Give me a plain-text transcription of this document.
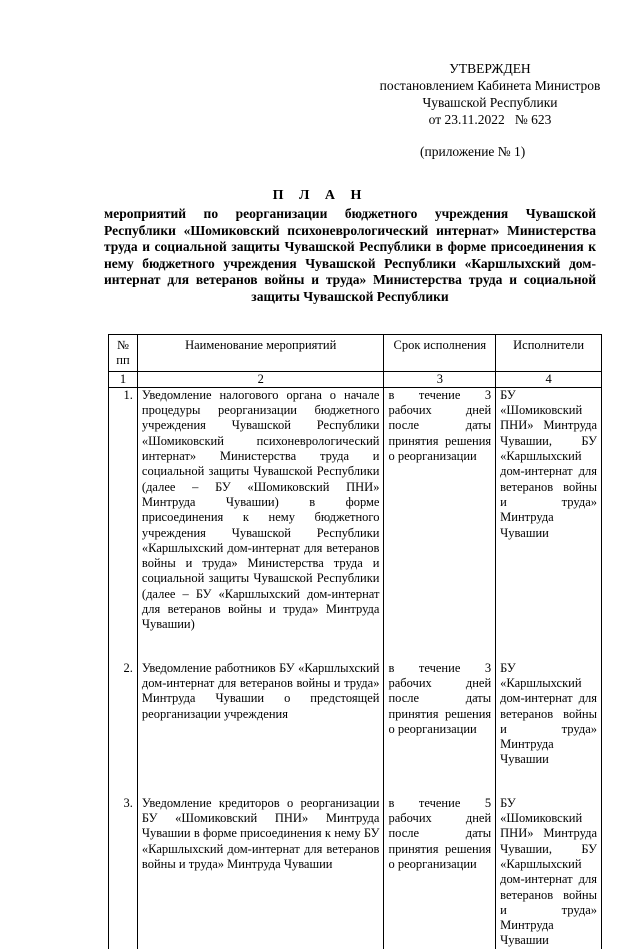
УТВЕРЖДЕН
постановлением Кабинета Министров
Чувашской Республики
от 23.11.2022   № 623
(приложение № 1)
П Л А Н
мероприятий по реорганизации бюджетного учреждения Чувашской Республики «Шомиковский психоневрологический интернат» Министерства труда и социальной защиты Чувашской Республики в форме присоединения к нему бюджетного учреждения Чувашской Республики «Каршлыхский дом-интернат для ветеранов войны и труда» Министерства труда и социальной защиты Чувашской Республики
№ пп	Наименование мероприятий	Срок исполнения	Исполнители
1	2	3	4
1.	Уведомление налогового органа о начале процедуры реорганизации бюджетного учреждения Чувашской Республики «Шомиковский психоневрологический интернат» Министерства труда и социальной защиты Чувашской Республики (далее – БУ «Шомиковский ПНИ» Минтруда Чувашии) в форме присоединения к нему бюджетного учреждения Чувашской Республики «Каршлыхский дом-интернат для ветеранов войны и труда» Министерства труда и социальной защиты Чувашской Республики (далее – БУ «Каршлыхский дом-интернат для ветеранов войны и труда» Минтруда Чувашии)	в течение 3 рабочих дней после даты принятия решения о реорганизации	БУ «Шомиковский ПНИ» Минтруда Чувашии, БУ «Каршлыхский дом-интернат для ветеранов войны и труда» Минтруда Чувашии
2.	Уведомление работников БУ «Каршлыхский дом-интернат для ветеранов войны и труда» Минтруда Чувашии о предстоящей реорганизации учреждения	в течение 3 рабочих дней после даты принятия решения о реорганизации	БУ «Каршлыхский дом-интернат для ветеранов войны и труда» Минтруда Чувашии
3.	Уведомление кредиторов о реорганизации БУ «Шомиковский ПНИ» Минтруда Чувашии в форме присоединения к нему БУ «Каршлыхский дом-интернат для ветеранов войны и труда» Минтруда Чувашии	в течение 5 рабочих дней после даты принятия решения о реорганизации	БУ «Шомиковский ПНИ» Минтруда Чувашии, БУ «Каршлыхский дом-интернат для ветеранов войны и труда» Минтруда Чувашии
